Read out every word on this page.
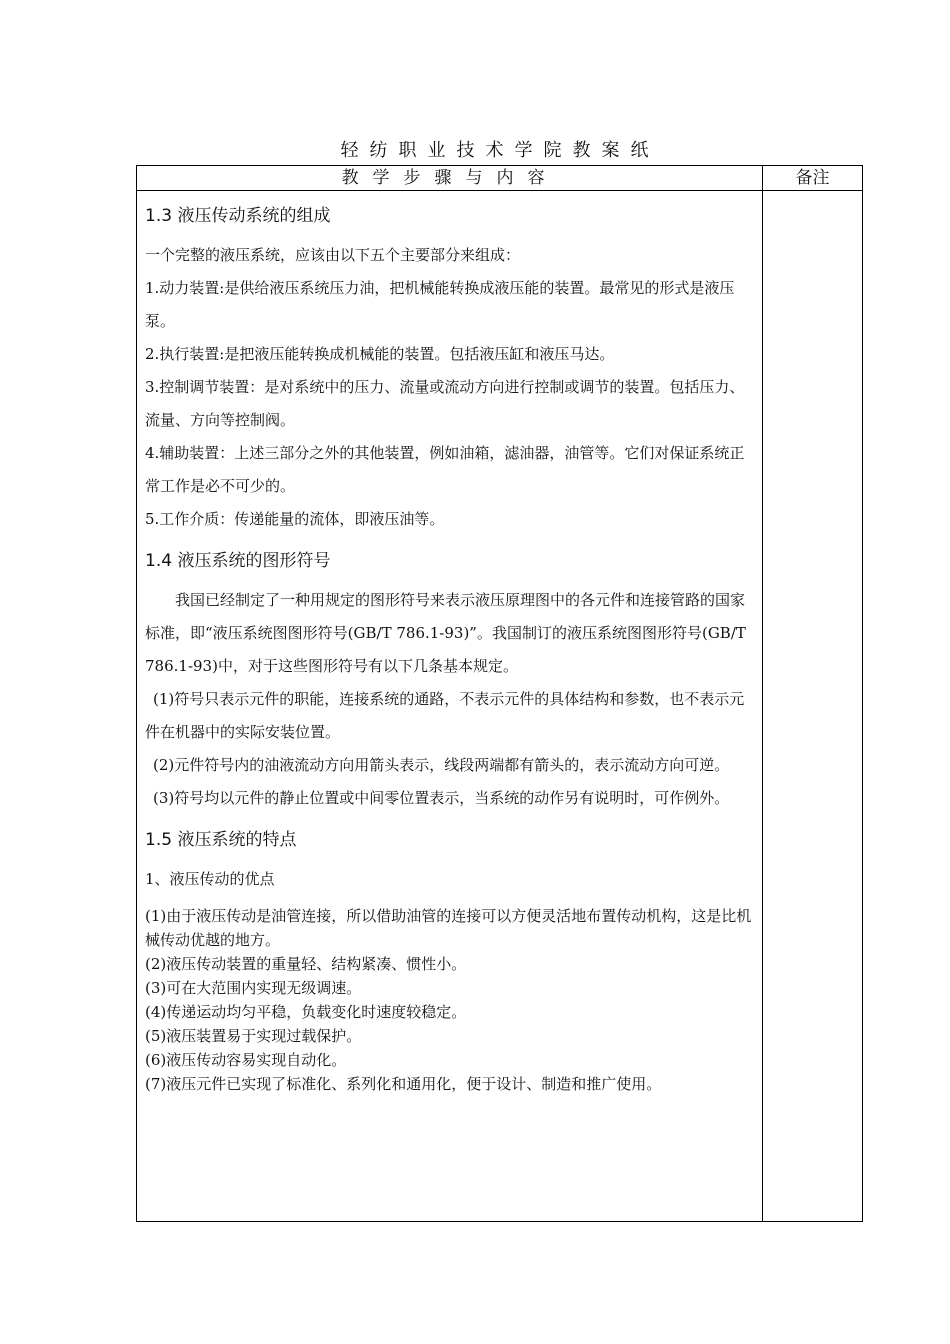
轻纺职业技术学院教案纸
教学步骤与内容	备注
1.3 液压传动系统的组成

一个完整的液压系统，应该由以下五个主要部分来组成：

1.动力装置:是供给液压系统压力油，把机械能转换成液压能的装置。最常见的形式是液压泵。

2.执行装置:是把液压能转换成机械能的装置。包括液压缸和液压马达。

3.控制调节装置：是对系统中的压力、流量或流动方向进行控制或调节的装置。包括压力、流量、方向等控制阀。

4.辅助装置：上述三部分之外的其他装置，例如油箱，滤油器，油管等。它们对保证系统正常工作是必不可少的。

5.工作介质：传递能量的流体，即液压油等。

1.4 液压系统的图形符号

我国已经制定了一种用规定的图形符号来表示液压原理图中的各元件和连接管路的国家标准，即“液压系统图图形符号(GB/T 786.1-93)”。我国制订的液压系统图图形符号(GB/T 786.1-93)中，对于这些图形符号有以下几条基本规定。

(1)符号只表示元件的职能，连接系统的通路，不表示元件的具体结构和参数，也不表示元件在机器中的实际安装位置。

(2)元件符号内的油液流动方向用箭头表示，线段两端都有箭头的，表示流动方向可逆。

(3)符号均以元件的静止位置或中间零位置表示，当系统的动作另有说明时，可作例外。

1.5 液压系统的特点

1、液压传动的优点

(1)由于液压传动是油管连接，所以借助油管的连接可以方便灵活地布置传动机构，这是比机械传动优越的地方。

(2)液压传动装置的重量轻、结构紧凑、惯性小。

(3)可在大范围内实现无级调速。

(4)传递运动均匀平稳，负载变化时速度较稳定。

(5)液压装置易于实现过载保护。

(6)液压传动容易实现自动化。

(7)液压元件已实现了标准化、系列化和通用化，便于设计、制造和推广使用。
